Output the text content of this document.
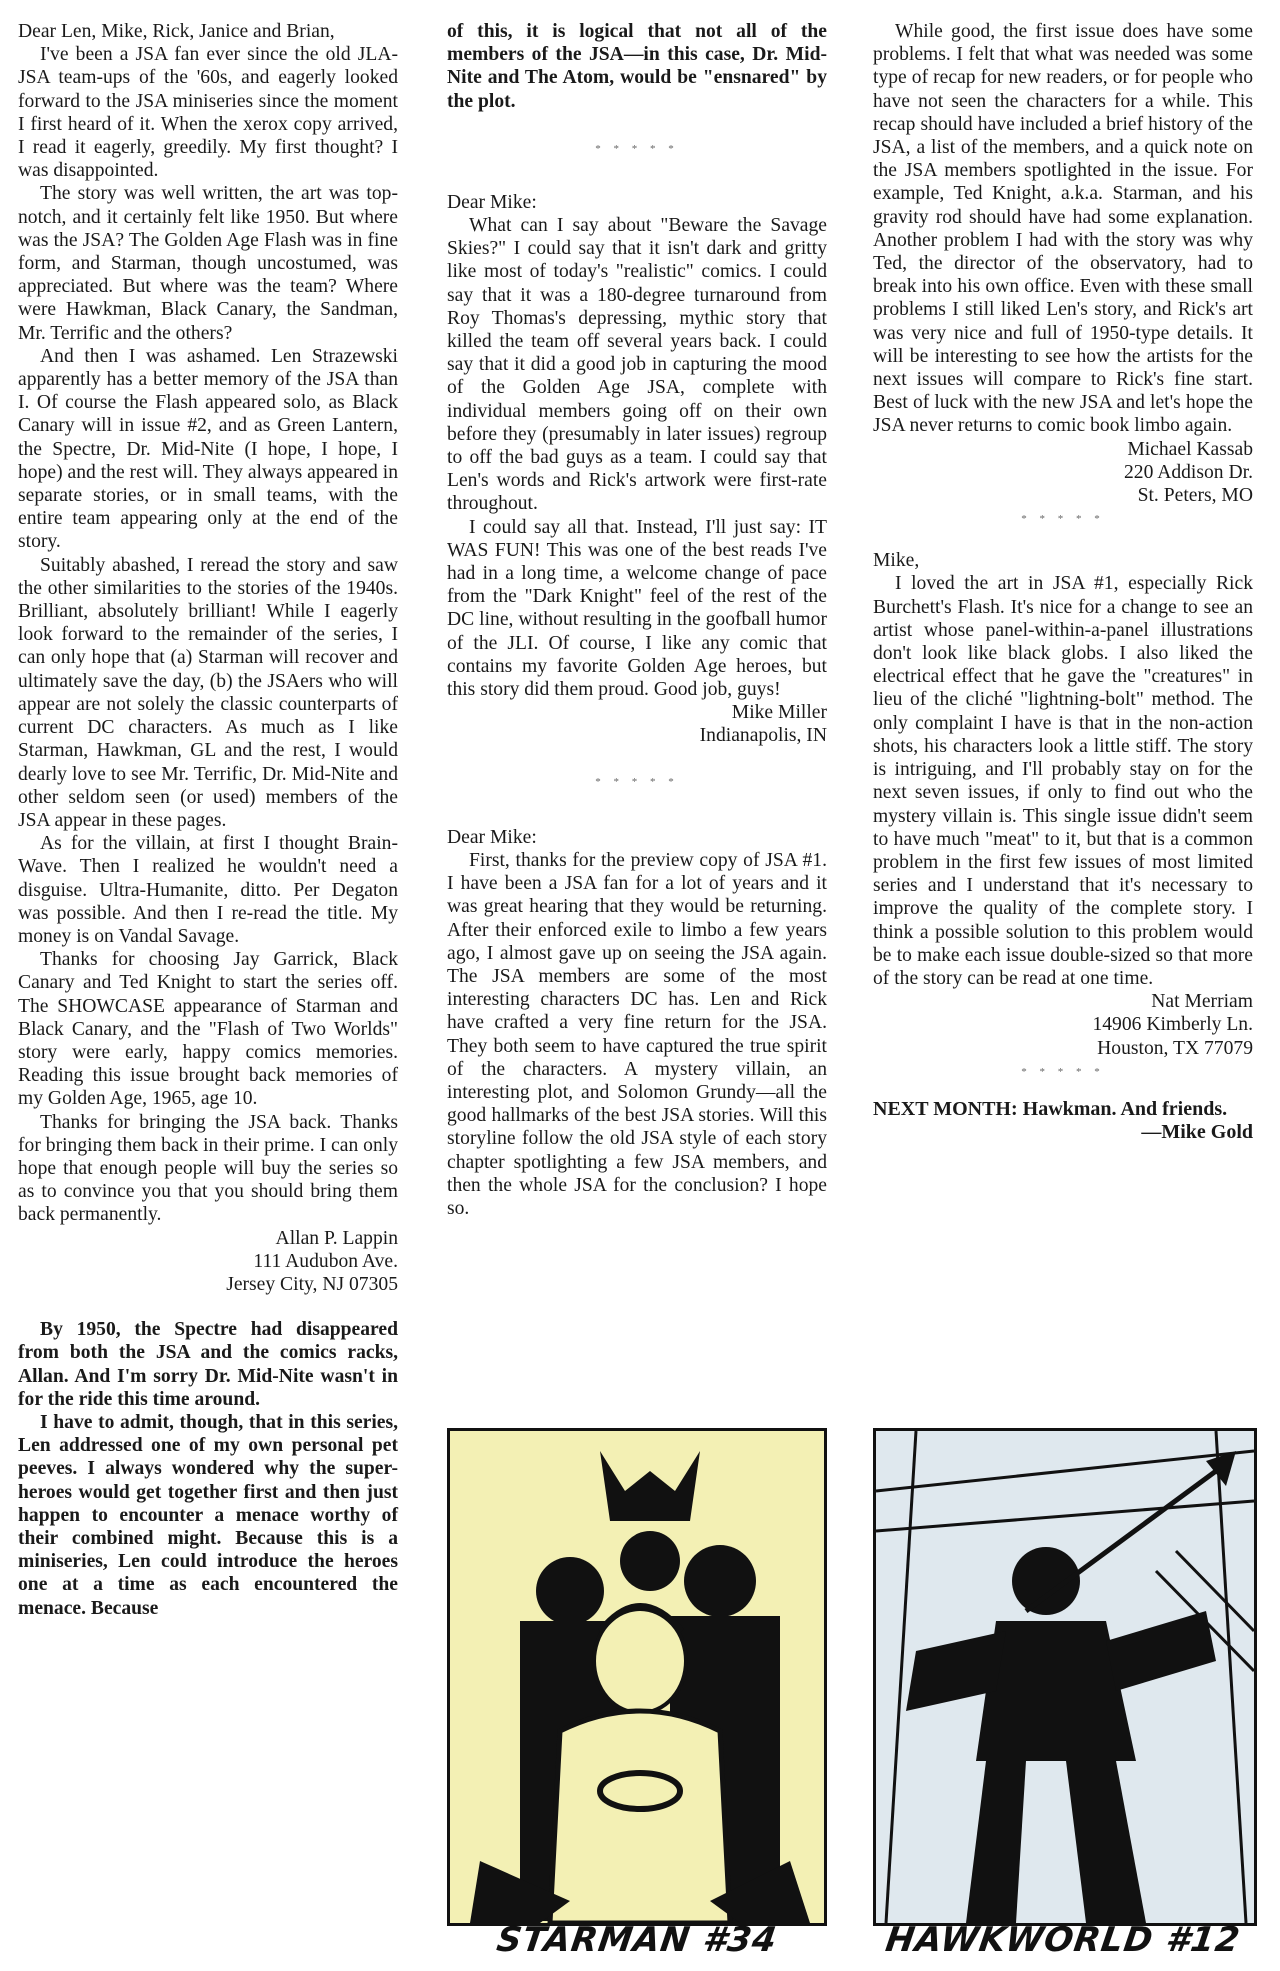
Dear Len, Mike, Rick, Janice and Brian,

I've been a JSA fan ever since the old JLA-JSA team-ups of the '60s, and eagerly looked forward to the JSA miniseries since the moment I first heard of it. When the xerox copy arrived, I read it eagerly, greedily. My first thought? I was disappointed.

The story was well written, the art was top-notch, and it certainly felt like 1950. But where was the JSA? The Golden Age Flash was in fine form, and Starman, though uncostumed, was appreciated. But where was the team? Where were Hawkman, Black Canary, the Sandman, Mr. Terrific and the others?

And then I was ashamed. Len Strazewski apparently has a better memory of the JSA than I. Of course the Flash appeared solo, as Black Canary will in issue #2, and as Green Lantern, the Spectre, Dr. Mid-Nite (I hope, I hope, I hope) and the rest will. They always appeared in separate stories, or in small teams, with the entire team appearing only at the end of the story.

Suitably abashed, I reread the story and saw the other similarities to the stories of the 1940s. Brilliant, absolutely brilliant! While I eagerly look forward to the remainder of the series, I can only hope that (a) Starman will recover and ultimately save the day, (b) the JSAers who will appear are not solely the classic counterparts of current DC characters. As much as I like Starman, Hawkman, GL and the rest, I would dearly love to see Mr. Terrific, Dr. Mid-Nite and other seldom seen (or used) members of the JSA appear in these pages.

As for the villain, at first I thought Brain-Wave. Then I realized he wouldn't need a disguise. Ultra-Humanite, ditto. Per Degaton was possible. And then I re-read the title. My money is on Vandal Savage.

Thanks for choosing Jay Garrick, Black Canary and Ted Knight to start the series off. The SHOWCASE appearance of Starman and Black Canary, and the "Flash of Two Worlds" story were early, happy comics memories. Reading this issue brought back memories of my Golden Age, 1965, age 10.

Thanks for bringing the JSA back. Thanks for bringing them back in their prime. I can only hope that enough people will buy the series so as to convince you that you should bring them back permanently.

Allan P. Lappin

111 Audubon Ave.

Jersey City, NJ 07305

By 1950, the Spectre had disappeared from both the JSA and the comics racks, Allan. And I'm sorry Dr. Mid-Nite wasn't in for the ride this time around.

I have to admit, though, that in this series, Len addressed one of my own personal pet peeves. I always wondered why the super-heroes would get together first and then just happen to encounter a menace worthy of their combined might. Because this is a miniseries, Len could introduce the heroes one at a time as each encountered the menace. Because

of this, it is logical that not all of the members of the JSA—in this case, Dr. Mid-Nite and The Atom, would be "ensnared" by the plot.

* * * * *

Dear Mike:

What can I say about "Beware the Savage Skies?" I could say that it isn't dark and gritty like most of today's "realistic" comics. I could say that it was a 180-degree turnaround from Roy Thomas's depressing, mythic story that killed the team off several years back. I could say that it did a good job in capturing the mood of the Golden Age JSA, complete with individual members going off on their own before they (presumably in later issues) regroup to off the bad guys as a team. I could say that Len's words and Rick's artwork were first-rate throughout.

I could say all that. Instead, I'll just say: IT WAS FUN! This was one of the best reads I've had in a long time, a welcome change of pace from the "Dark Knight" feel of the rest of the DC line, without resulting in the goofball humor of the JLI. Of course, I like any comic that contains my favorite Golden Age heroes, but this story did them proud. Good job, guys!

Mike Miller

Indianapolis, IN

* * * * *

Dear Mike:

First, thanks for the preview copy of JSA #1. I have been a JSA fan for a lot of years and it was great hearing that they would be returning. After their enforced exile to limbo a few years ago, I almost gave up on seeing the JSA again. The JSA members are some of the most interesting characters DC has. Len and Rick have crafted a very fine return for the JSA. They both seem to have captured the true spirit of the characters. A mystery villain, an interesting plot, and Solomon Grundy—all the good hallmarks of the best JSA stories. Will this storyline follow the old JSA style of each story chapter spotlighting a few JSA members, and then the whole JSA for the conclusion? I hope so.

While good, the first issue does have some problems. I felt that what was needed was some type of recap for new readers, or for people who have not seen the characters for a while. This recap should have included a brief history of the JSA, a list of the members, and a quick note on the JSA members spotlighted in the issue. For example, Ted Knight, a.k.a. Starman, and his gravity rod should have had some explanation. Another problem I had with the story was why Ted, the director of the observatory, had to break into his own office. Even with these small problems I still liked Len's story, and Rick's art was very nice and full of 1950-type details. It will be interesting to see how the artists for the next issues will compare to Rick's fine start. Best of luck with the new JSA and let's hope the JSA never returns to comic book limbo again.

Michael Kassab

220 Addison Dr.

St. Peters, MO

* * * * *

Mike,

I loved the art in JSA #1, especially Rick Burchett's Flash. It's nice for a change to see an artist whose panel-within-a-panel illustrations don't look like black globs. I also liked the electrical effect that he gave the "creatures" in lieu of the cliché "lightning-bolt" method. The only complaint I have is that in the non-action shots, his characters look a little stiff. The story is intriguing, and I'll probably stay on for the next seven issues, if only to find out who the mystery villain is. This single issue didn't seem to have much "meat" to it, but that is a common problem in the first few issues of most limited series and I understand that it's necessary to improve the quality of the complete story. I think a possible solution to this problem would be to make each issue double-sized so that more of the story can be read at one time.

Nat Merriam

14906 Kimberly Ln.

Houston, TX 77079

* * * * *

NEXT MONTH: Hawkman. And friends.

—Mike Gold

STARMAN #34	HAWKWORLD #12
